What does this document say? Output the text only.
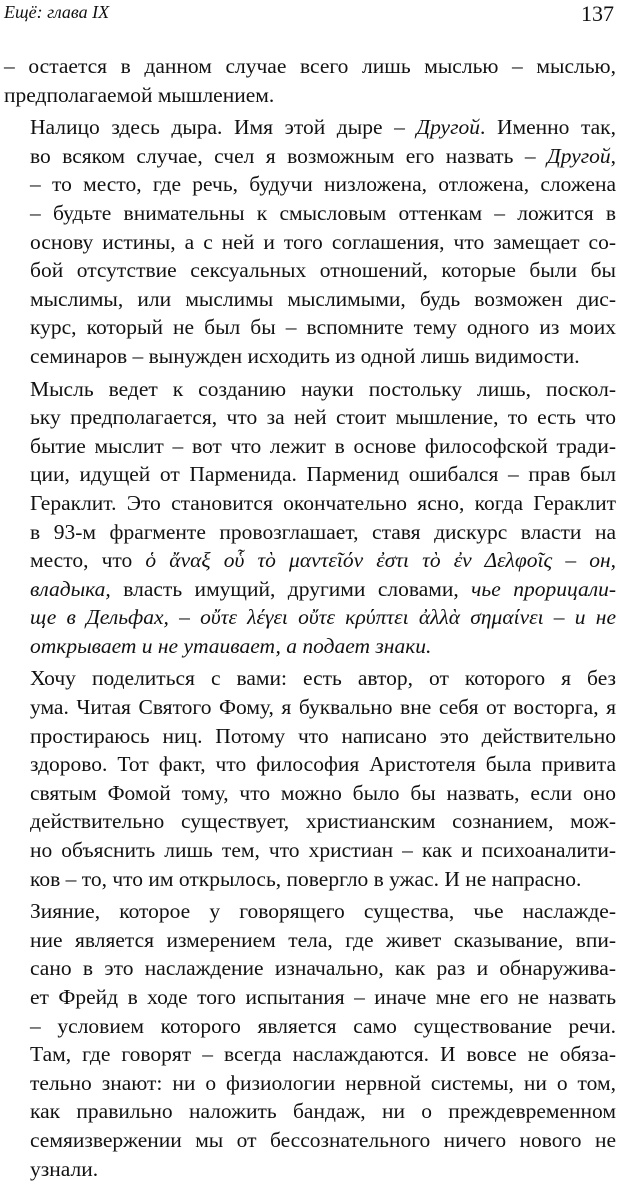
Ещё: глава IX	137

– остается в данном случае всего лишь мыслью – мыслью,
предполагаемой мышлением.

Налицо здесь дыра. Имя этой дыре – Другой. Именно так,
во всяком случае, счел я возможным его назвать – Другой,
– то место, где речь, будучи низложена, отложена, сложена
– будьте внимательны к смысловым оттенкам – ложится в
основу истины, а с ней и того соглашения, что замещает со-
бой отсутствие сексуальных отношений, которые были бы
мыслимы, или мыслимы мыслимыми, будь возможен дис-
курс, который не был бы – вспомните тему одного из моих
семинаров – вынужден исходить из одной лишь видимости.

Мысль ведет к созданию науки постольку лишь, поскол-
ьку предполагается, что за ней стоит мышление, то есть что
бытие мыслит – вот что лежит в основе философской тради-
ции, идущей от Парменида. Парменид ошибался – прав был
Гераклит. Это становится окончательно ясно, когда Гераклит
в 93-м фрагменте провозглашает, ставя дискурс власти на
место, что ὁ ἄναξ οὗ τὸ μαντεῖόν ἐστι τὸ ἐν Δελφοῖς – он,
владыка, власть имущий, другими словами, чье прорицали-
ще в Дельфах, – οὔτε λέγει οὔτε κρύπτει ἀλλὰ σημαίνει – и не
открывает и не утаивает, а подает знаки.

Хочу поделиться с вами: есть автор, от которого я без
ума. Читая Святого Фому, я буквально вне себя от восторга, я
простираюсь ниц. Потому что написано это действительно
здорово. Тот факт, что философия Аристотеля была привита
святым Фомой тому, что можно было бы назвать, если оно
действительно существует, христианским сознанием, мож-
но объяснить лишь тем, что христиан – как и психоаналити-
ков – то, что им открылось, повергло в ужас. И не напрасно.

Зияние, которое у говорящего существа, чье наслажде-
ние является измерением тела, где живет сказывание, впи-
сано в это наслаждение изначально, как раз и обнаружива-
ет Фрейд в ходе того испытания – иначе мне его не назвать
– условием которого является само существование речи.
Там, где говорят – всегда наслаждаются. И вовсе не обяза-
тельно знают: ни о физиологии нервной системы, ни о том,
как правильно наложить бандаж, ни о преждевременном
семяизвержении мы от бессознательного ничего нового не
узнали.
